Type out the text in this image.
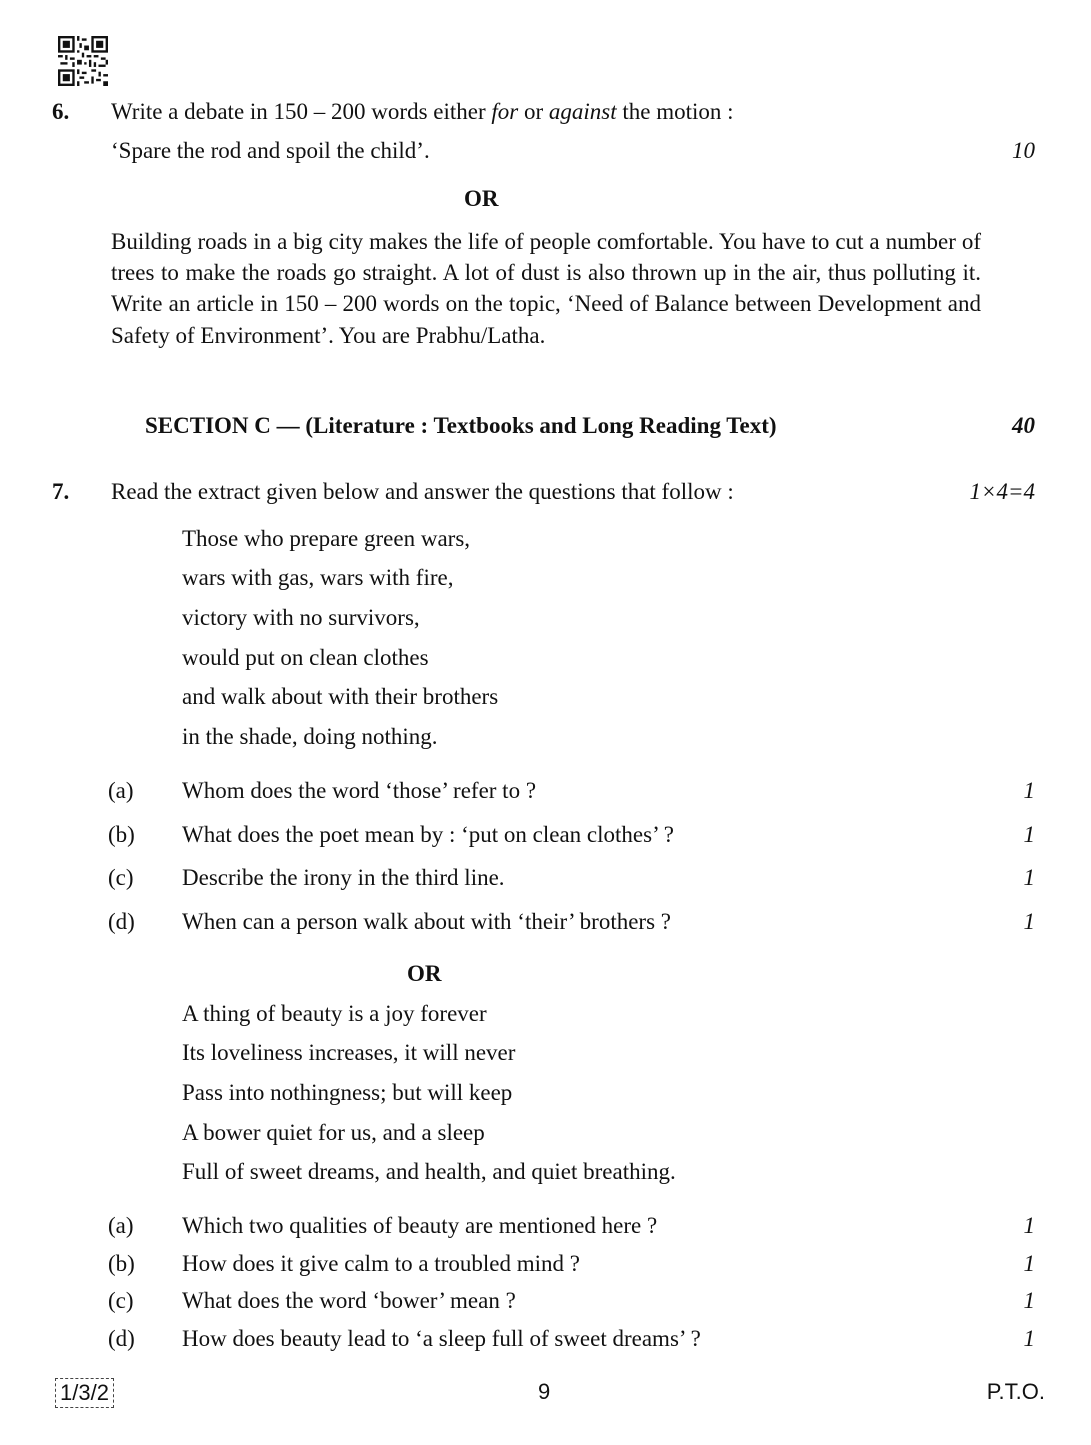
6. Write a debate in 150 – 200 words either for or against the motion :
‘Spare the rod and spoil the child’.	10
OR
Building roads in a big city makes the life of people comfortable. You have to cut a number of trees to make the roads go straight. A lot of dust is also thrown up in the air, thus polluting it. Write an article in 150 – 200 words on the topic, ‘Need of Balance between Development and Safety of Environment’. You are Prabhu/Latha.
SECTION C — (Literature : Textbooks and Long Reading Text)	40
7. Read the extract given below and answer the questions that follow :	1×4=4
Those who prepare green wars,
wars with gas, wars with fire,
victory with no survivors,
would put on clean clothes
and walk about with their brothers
in the shade, doing nothing.
(a) Whom does the word ‘those’ refer to ?	1
(b) What does the poet mean by : ‘put on clean clothes’ ?	1
(c) Describe the irony in the third line.	1
(d) When can a person walk about with ‘their’ brothers ?	1
OR
A thing of beauty is a joy forever
Its loveliness increases, it will never
Pass into nothingness; but will keep
A bower quiet for us, and a sleep
Full of sweet dreams, and health, and quiet breathing.
(a) Which two qualities of beauty are mentioned here ?	1
(b) How does it give calm to a troubled mind ?	1
(c) What does the word ‘bower’ mean ?	1
(d) How does beauty lead to ‘a sleep full of sweet dreams’ ?	1
1/3/2	9	P.T.O.
